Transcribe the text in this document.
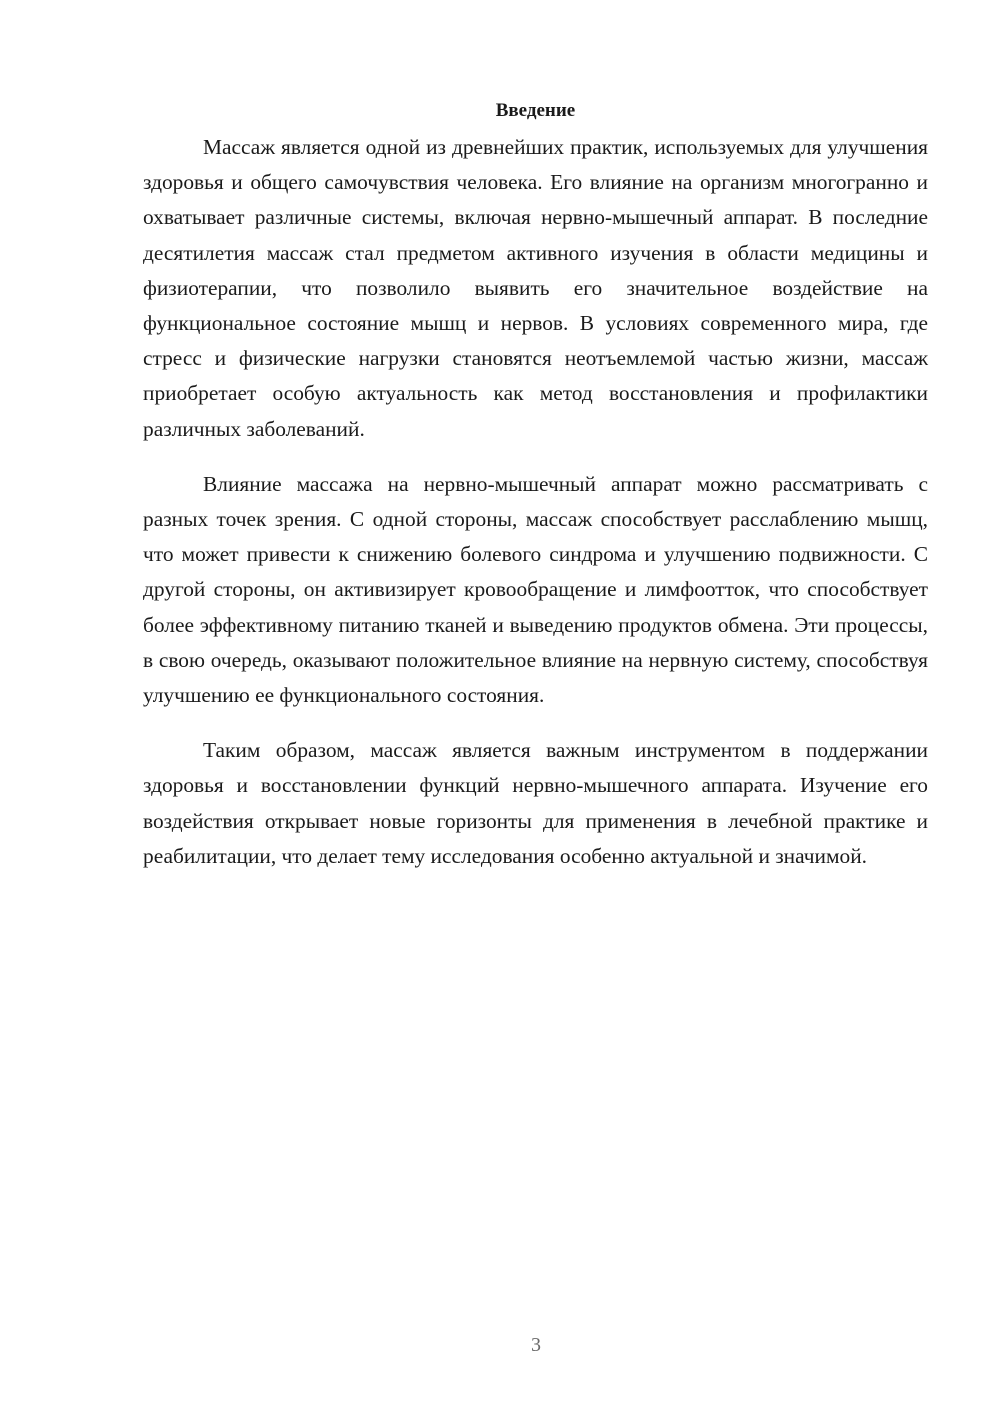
Введение

Массаж является одной из древнейших практик, используемых для улучшения здоровья и общего самочувствия человека. Его влияние на организм многогранно и охватывает различные системы, включая нервно-мышечный аппарат. В последние десятилетия массаж стал предметом активного изучения в области медицины и физиотерапии, что позволило выявить его значительное воздействие на функциональное состояние мышц и нервов. В условиях современного мира, где стресс и физические нагрузки становятся неотъемлемой частью жизни, массаж приобретает особую актуальность как метод восстановления и профилактики различных заболеваний.

Влияние массажа на нервно-мышечный аппарат можно рассматривать с разных точек зрения. С одной стороны, массаж способствует расслаблению мышц, что может привести к снижению болевого синдрома и улучшению подвижности. С другой стороны, он активизирует кровообращение и лимфоотток, что способствует более эффективному питанию тканей и выведению продуктов обмена. Эти процессы, в свою очередь, оказывают положительное влияние на нервную систему, способствуя улучшению ее функционального состояния.

Таким образом, массаж является важным инструментом в поддержании здоровья и восстановлении функций нервно-мышечного аппарата. Изучение его воздействия открывает новые горизонты для применения в лечебной практике и реабилитации, что делает тему исследования особенно актуальной и значимой.

3
